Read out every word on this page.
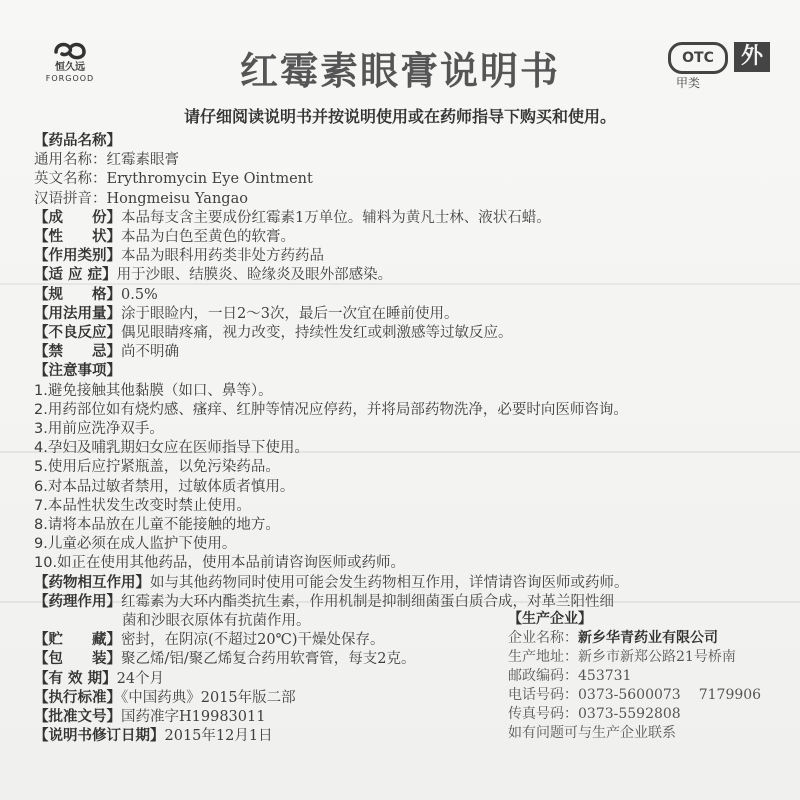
恒久远
FORGOOD	红霉素眼膏说明书	OTC
甲类
外
请仔细阅读说明书并按说明使用或在药师指导下购买和使用。
【药品名称】
通用名称：红霉素眼膏
英文名称：Erythromycin Eye Ointment
汉语拼音：Hongmeisu Yangao
【成　　份】本品每支含主要成份红霉素1万单位。辅料为黄凡士林、液状石蜡。
【性　　状】本品为白色至黄色的软膏。
【作用类别】本品为眼科用药类非处方药药品
【适 应 症】用于沙眼、结膜炎、睑缘炎及眼外部感染。
【规　　格】0.5%
【用法用量】涂于眼睑内，一日2～3次，最后一次宜在睡前使用。
【不良反应】偶见眼睛疼痛，视力改变，持续性发红或刺激感等过敏反应。
【禁　　忌】尚不明确
【注意事项】
1.避免接触其他黏膜（如口、鼻等）。
2.用药部位如有烧灼感、瘙痒、红肿等情况应停药，并将局部药物洗净，必要时向医师咨询。
3.用前应洗净双手。
4.孕妇及哺乳期妇女应在医师指导下使用。
5.使用后应拧紧瓶盖，以免污染药品。
6.对本品过敏者禁用，过敏体质者慎用。
7.本品性状发生改变时禁止使用。
8.请将本品放在儿童不能接触的地方。
9.儿童必须在成人监护下使用。
10.如正在使用其他药品，使用本品前请咨询医师或药师。
【药物相互作用】如与其他药物同时使用可能会发生药物相互作用，详情请咨询医师或药师。
【药理作用】红霉素为大环内酯类抗生素，作用机制是抑制细菌蛋白质合成，对革兰阳性细
菌和沙眼衣原体有抗菌作用。
【贮　　藏】密封，在阴凉(不超过20℃)干燥处保存。
【包　　装】聚乙烯/铝/聚乙烯复合药用软膏管，每支2克。
【有 效 期】24个月
【执行标准】《中国药典》2015年版二部
【批准文号】国药准字H19983011
【说明书修订日期】2015年12月1日
【生产企业】
企业名称：新乡华青药业有限公司
生产地址：新乡市新郑公路21号桥南
邮政编码：453731
电话号码：0373-5600073 7179906
传真号码：0373-5592808
如有问题可与生产企业联系
